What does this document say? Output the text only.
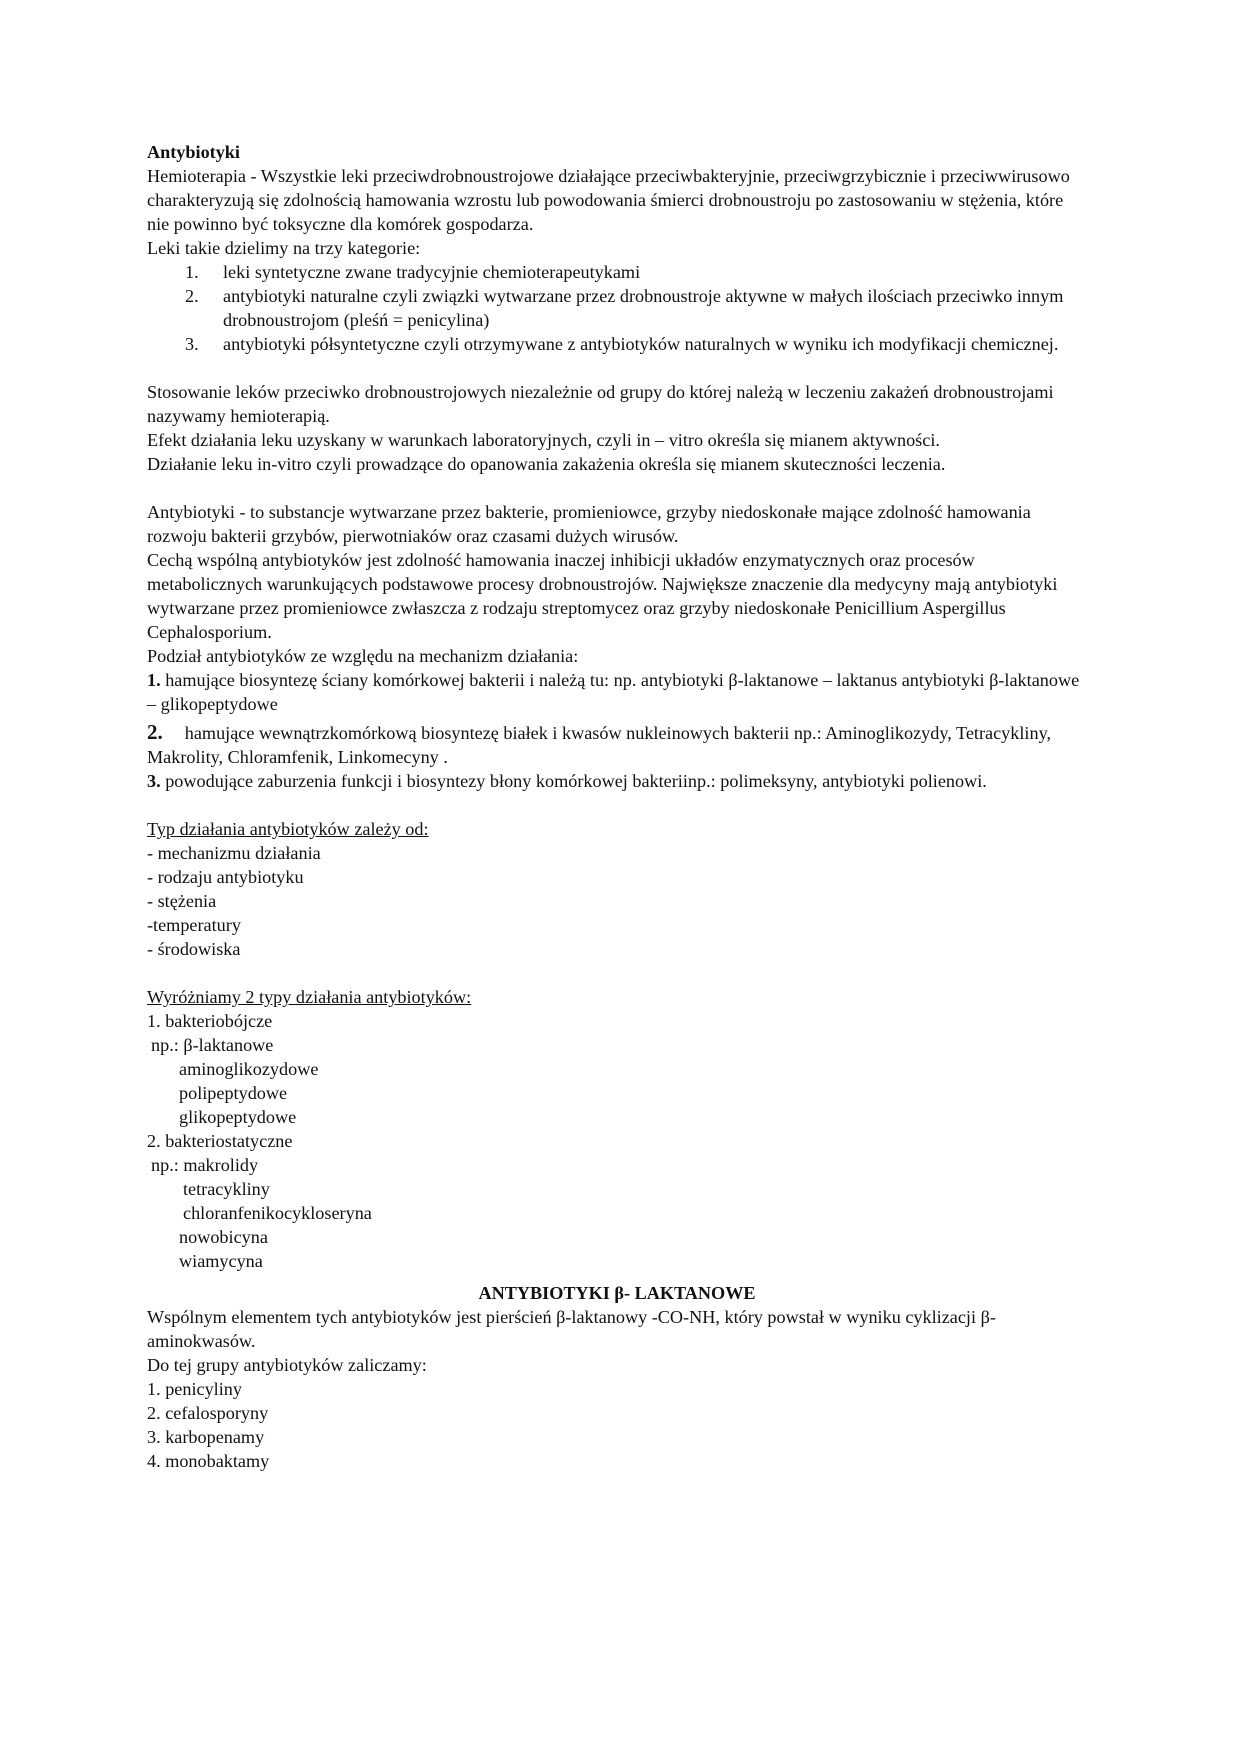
Antybiotyki

Hemioterapia - Wszystkie leki przeciwdrobnoustrojowe działające przeciwbakteryjnie, przeciwgrzybicznie i przeciwwirusowo charakteryzują się zdolnością hamowania wzrostu lub powodowania śmierci drobnoustroju po zastosowaniu w stężenia, które nie powinno być toksyczne dla komórek gospodarza.

Leki takie dzielimy na trzy kategorie:

1. leki syntetyczne zwane tradycyjnie chemioterapeutykami
2. antybiotyki naturalne czyli związki wytwarzane przez drobnoustroje aktywne w małych ilościach przeciwko innym drobnoustrojom (pleśń = penicylina)
3. antybiotyki półsyntetyczne czyli otrzymywane z antybiotyków naturalnych w wyniku ich modyfikacji chemicznej.

Stosowanie leków przeciwko drobnoustrojowych niezależnie od grupy do której należą w leczeniu zakażeń drobnoustrojami nazywamy hemioterapią.

Efekt działania leku uzyskany w warunkach laboratoryjnych, czyli in – vitro określa się mianem aktywności.

Działanie leku in-vitro czyli prowadzące do opanowania zakażenia określa się mianem skuteczności leczenia.

Antybiotyki - to substancje wytwarzane przez bakterie, promieniowce, grzyby niedoskonałe mające zdolność hamowania rozwoju bakterii grzybów, pierwotniaków oraz czasami dużych wirusów.

Cechą wspólną antybiotyków jest zdolność hamowania inaczej inhibicji układów enzymatycznych oraz procesów metabolicznych warunkujących podstawowe procesy drobnoustrojów. Największe znaczenie dla medycyny mają antybiotyki wytwarzane przez promieniowce zwłaszcza z rodzaju streptomycez oraz grzyby niedoskonałe Penicillium Aspergillus Cephalosporium.

Podział antybiotyków ze względu na mechanizm działania:

1. hamujące biosyntezę ściany komórkowej bakterii i należą tu: np. antybiotyki β-laktanowe – laktanus antybiotyki β-laktanowe – glikopeptydowe

2. hamujące wewnątrzkomórkową biosyntezę białek i kwasów nukleinowych bakterii np.: Aminoglikozydy, Tetracykliny, Makrolity, Chloramfenik, Linkomecyny .

3. powodujące zaburzenia funkcji i biosyntezy błony komórkowej bakteriinp.: polimeksyny, antybiotyki polienowi.

Typ działania antybiotyków zależy od:

- mechanizmu działania

- rodzaju antybiotyku

- stężenia

-temperatury

- środowiska

Wyróżniamy 2 typy działania antybiotyków:

1. bakteriobójcze

np.: β-laktanowe

aminoglikozydowe

polipeptydowe

glikopeptydowe

2. bakteriostatyczne

np.: makrolidy

tetracykliny

chloranfenikocykloseryna

nowobicyna

wiamycyna

ANTYBIOTYKI β- LAKTANOWE

Wspólnym elementem tych antybiotyków jest pierścień β-laktanowy -CO-NH, który powstał w wyniku cyklizacji β-aminokwasów.

Do tej grupy antybiotyków zaliczamy:

1. penicyliny

2. cefalosporyny

3. karbopenamy

4. monobaktamy
